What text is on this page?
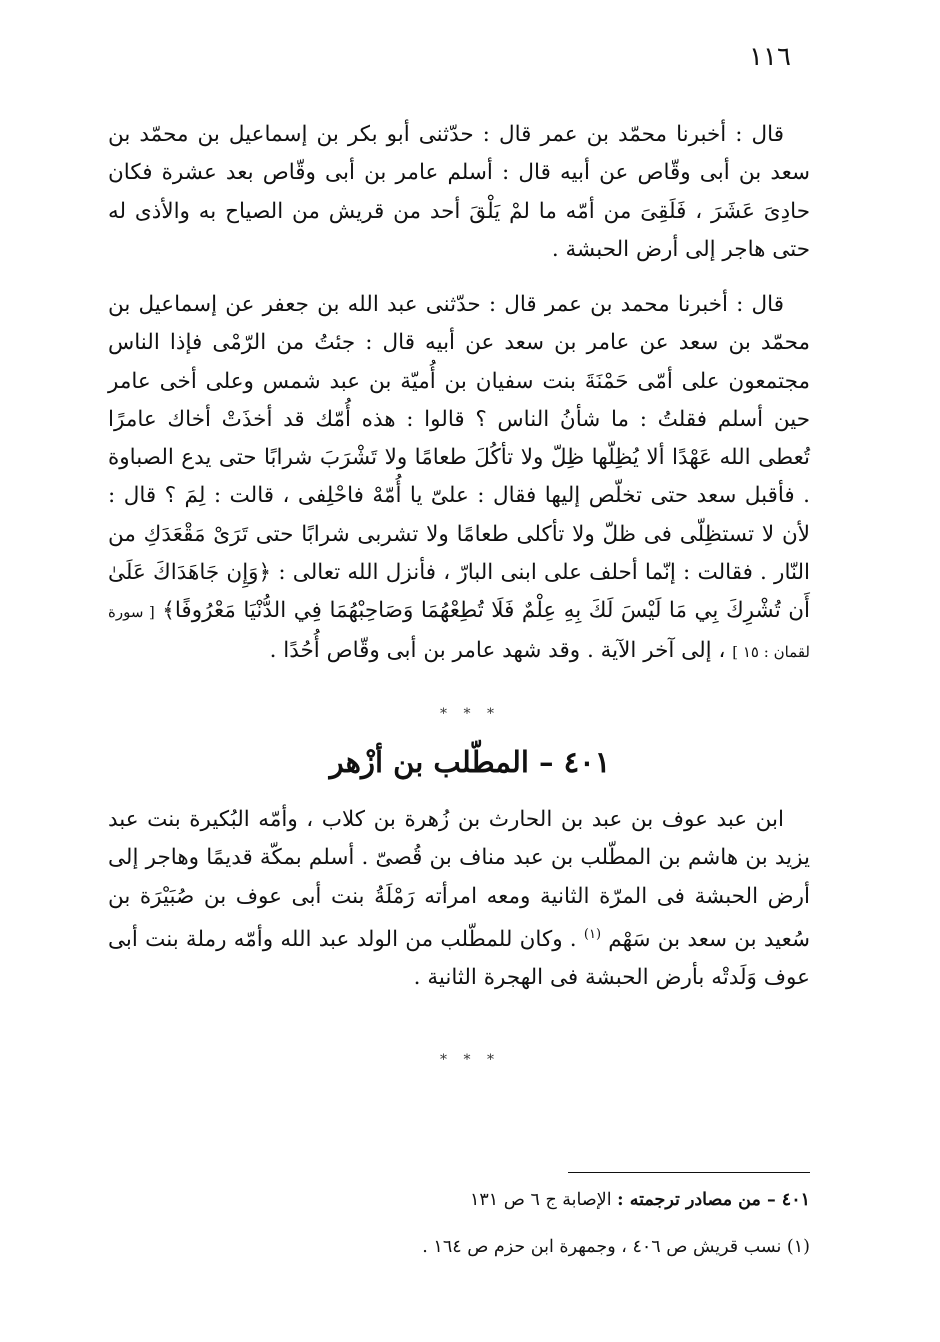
١١٦

قال : أخبرنا محمّد بن عمر قال : حدّثنى أبو بكر بن إسماعيل بن محمّد بن سعد بن أبى وقّاص عن أبيه قال : أسلم عامر بن أبى وقّاص بعد عشرة فكان حادِىَ عَشَرَ ، فَلَقِىَ من أمّه ما لمْ يَلْقَ أحد من قريش من الصياح به والأذى له حتى هاجر إلى أرض الحبشة .

قال : أخبرنا محمد بن عمر قال : حدّثنى عبد الله بن جعفر عن إسماعيل بن محمّد بن سعد عن عامر بن سعد عن أبيه قال : جئتُ من الرّمْى فإذا الناس مجتمعون على أمّى حَمْنَةَ بنت سفيان بن أُميّة بن عبد شمس وعلى أخى عامر حين أسلم فقلتُ : ما شأنُ الناس ؟ قالوا : هذه أُمّك قد أخذَتْ أخاك عامرًا تُعطى الله عَهْدًا ألا يُظِلّها ظِلّ ولا تأكُلَ طعامًا ولا تَشْرَبَ شرابًا حتى يدع الصباوة . فأقبل سعد حتى تخلّص إليها فقال : علىّ يا أُمّهْ فاحْلِفى ، قالت : لِمَ ؟ قال : لأن لا تستظِلّى فى ظلّ ولا تأكلى طعامًا ولا تشربى شرابًا حتى تَرَىْ مَقْعَدَكِ من النّار . فقالت : إنّما أحلف على ابنى البارّ ، فأنزل الله تعالى : ﴿وَإِن جَاهَدَاكَ عَلَىٰ أَن تُشْرِكَ بِي مَا لَيْسَ لَكَ بِهِ عِلْمٌ فَلَا تُطِعْهُمَا وَصَاحِبْهُمَا فِي الدُّنْيَا مَعْرُوفًا﴾ [ سورة لقمان : ١٥ ] ، إلى آخر الآية . وقد شهد عامر بن أبى وقّاص أُحُدًا .

* * *
٤٠١ – المطّلب بن أزْهر

ابن عبد عوف بن عبد بن الحارث بن زُهرة بن كلاب ، وأمّه البُكيرة بنت عبد يزيد بن هاشم بن المطّلب بن عبد مناف بن قُصىّ . أسلم بمكّة قديمًا وهاجر إلى أرض الحبشة فى المرّة الثانية ومعه امرأته رَمْلَةُ بنت أبى عوف بن صُبَيْرَة بن سُعيد بن سعد بن سَهْم $^{(١)}$ . وكان للمطّلب من الولد عبد الله وأمّه رملة بنت أبى عوف وَلَدتْه بأرض الحبشة فى الهجرة الثانية .

* * *
٤٠١ – من مصادر ترجمته : الإصابة ج ٦ ص ١٣١
(١) نسب قريش ص ٤٠٦ ، وجمهرة ابن حزم ص ١٦٤ .
